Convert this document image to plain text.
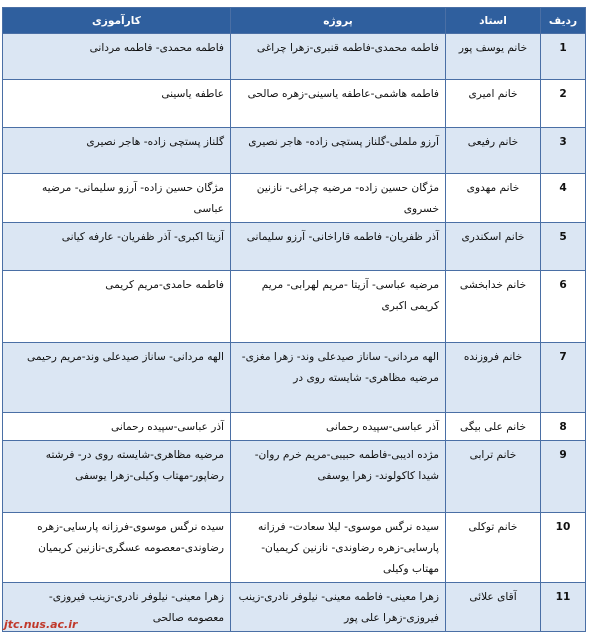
ردیف	استاد	پروژه	کارآموزی
1	خانم یوسف پور	فاطمه محمدی-فاطمه قنبری-زهرا چراغی	فاطمه محمدی- فاطمه مردانی
2	خانم امیری	فاطمه هاشمی-عاطفه یاسینی-زهره صالحی	عاطفه یاسینی
3	خانم رفیعی	آرزو ململی-گلناز پستچی زاده- هاجر نصیری	گلناز پستچی زاده- هاجر نصیری
4	خانم مهدوی	مژگان حسین زاده- مرضیه چراغی- نازنین خسروی	مژگان حسین زاده- آرزو سلیمانی- مرضیه عباسی
5	خانم اسکندری	آذر ظفریان- فاطمه قاراخانی- آرزو سلیمانی	آزیتا اکبری- آذر ظفریان- عارفه کیانی
6	خانم خدابخشی	مرضیه عباسی- آزیتا -مریم لهرابی- مریم کریمی اکبری	فاطمه حامدی-مریم کریمی
7	خانم فروزنده	الهه مردانی- ساناز صیدعلی وند- زهرا مغزی- مرضیه مظاهری- شایسته روی در	الهه مردانی- ساناز صیدعلی وند-مریم رحیمی
8	خانم علی بیگی	آذر عباسی-سپیده رحمانی	آذر عباسی-سپیده رحمانی
9	خانم ترابی	مژده ادیبی-فاطمه حبیبی-مریم خرم روان- شیدا کاکولوند- زهرا یوسفی	مرضیه مظاهری-شایسته روی در- فرشته رضاپور-مهتاب وکیلی-زهرا یوسفی
10	خانم توکلی	سیده نرگس موسوی- لیلا سعادت- فرزانه پارسایی-زهره رضاوندی- نازنین کریمیان-مهتاب وکیلی	سیده نرگس موسوی-فرزانه پارسایی-زهره رضاوندی-معصومه عسگری-نازنین کریمیان
11	آقای علائی	زهرا معینی- فاطمه معینی- نیلوفر نادری-زینب فیروزی-زهرا علی پور	زهرا معینی- نیلوفر نادری-زینب فیروزی- معصومه صالحی
jtc.nus.ac.ir
